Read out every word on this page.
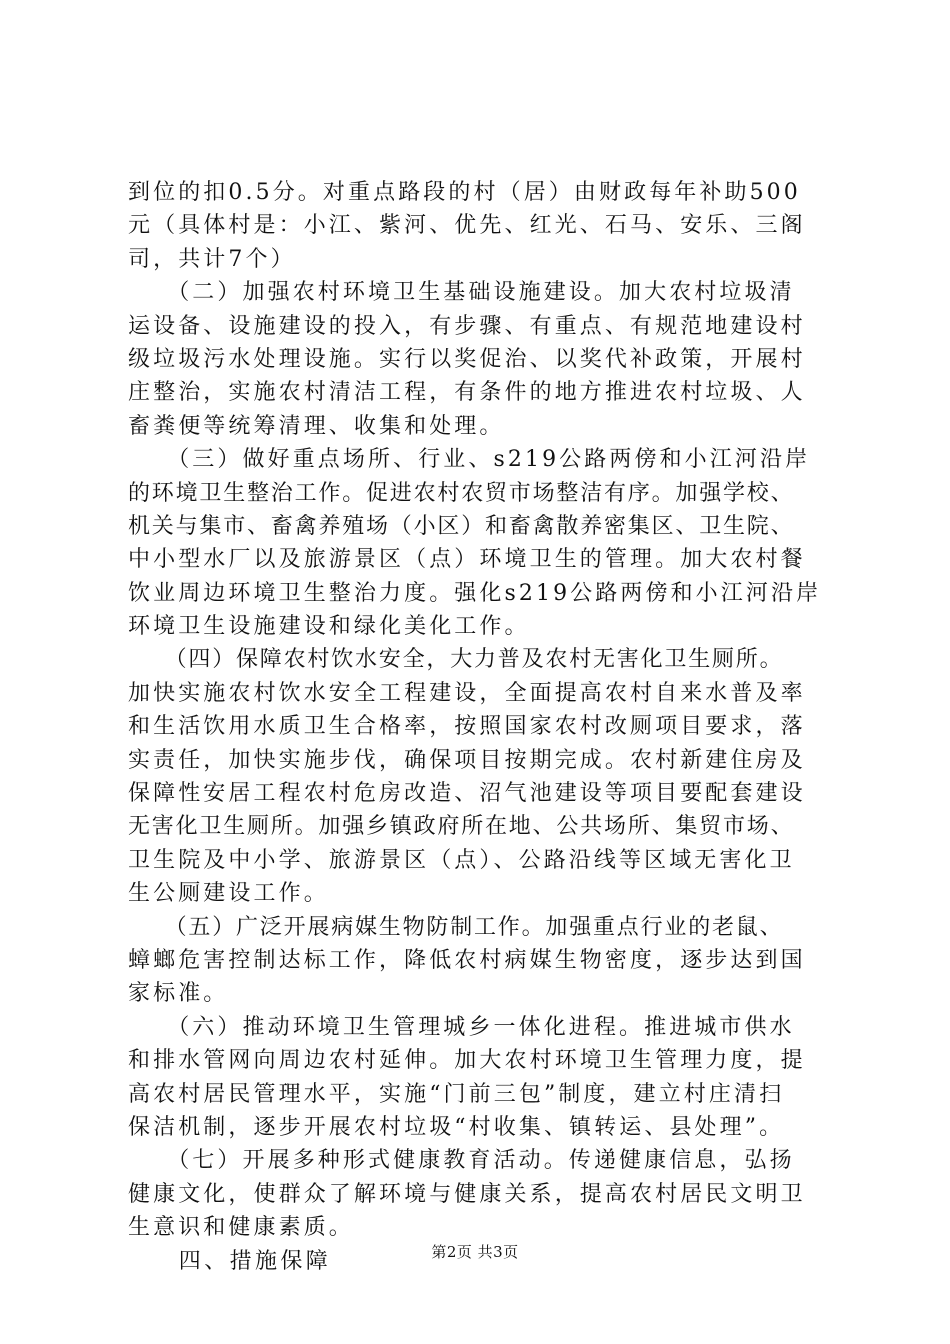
到位的扣0.5分。对重点路段的村（居）由财政每年补助500
元（具体村是：小江、紫河、优先、红光、石马、安乐、三阁
司，共计7个）
　　（二）加强农村环境卫生基础设施建设。加大农村垃圾清
运设备、设施建设的投入，有步骤、有重点、有规范地建设村
级垃圾污水处理设施。实行以奖促治、以奖代补政策，开展村
庄整治，实施农村清洁工程，有条件的地方推进农村垃圾、人
畜粪便等统筹清理、收集和处理。
　　（三）做好重点场所、行业、s219公路两傍和小江河沿岸
的环境卫生整治工作。促进农村农贸市场整洁有序。加强学校、
机关与集市、畜禽养殖场（小区）和畜禽散养密集区、卫生院、
中小型水厂以及旅游景区（点）环境卫生的管理。加大农村餐
饮业周边环境卫生整治力度。强化s219公路两傍和小江河沿岸
环境卫生设施建设和绿化美化工作。
　　（四）保障农村饮水安全，大力普及农村无害化卫生厕所。
加快实施农村饮水安全工程建设，全面提高农村自来水普及率
和生活饮用水质卫生合格率，按照国家农村改厕项目要求，落
实责任，加快实施步伐，确保项目按期完成。农村新建住房及
保障性安居工程农村危房改造、沼气池建设等项目要配套建设
无害化卫生厕所。加强乡镇政府所在地、公共场所、集贸市场、
卫生院及中小学、旅游景区（点）、公路沿线等区域无害化卫
生公厕建设工作。
　　（五）广泛开展病媒生物防制工作。加强重点行业的老鼠、
蟑螂危害控制达标工作，降低农村病媒生物密度，逐步达到国
家标准。
　　（六）推动环境卫生管理城乡一体化进程。推进城市供水
和排水管网向周边农村延伸。加大农村环境卫生管理力度，提
高农村居民管理水平，实施“门前三包”制度，建立村庄清扫
保洁机制，逐步开展农村垃圾“村收集、镇转运、县处理”。
　　（七）开展多种形式健康教育活动。传递健康信息，弘扬
健康文化，使群众了解环境与健康关系，提高农村居民文明卫
生意识和健康素质。
　　四、措施保障	第2页 共3页
